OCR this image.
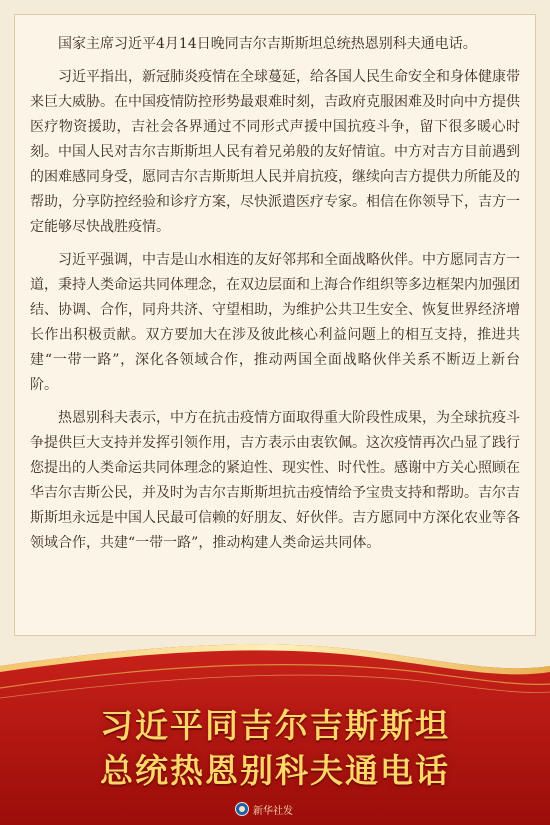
国家主席习近平4月14日晚同吉尔吉斯斯坦总统热恩别科夫通电话。

习近平指出，新冠肺炎疫情在全球蔓延，给各国人民生命安全和身体健康带来巨大威胁。在中国疫情防控形势最艰难时刻，吉政府克服困难及时向中方提供医疗物资援助，吉社会各界通过不同形式声援中国抗疫斗争，留下很多暖心时刻。中国人民对吉尔吉斯斯坦人民有着兄弟般的友好情谊。中方对吉方目前遇到的困难感同身受，愿同吉尔吉斯斯坦人民并肩抗疫，继续向吉方提供力所能及的帮助，分享防控经验和诊疗方案，尽快派遣医疗专家。相信在你领导下，吉方一定能够尽快战胜疫情。

习近平强调，中吉是山水相连的友好邻邦和全面战略伙伴。中方愿同吉方一道，秉持人类命运共同体理念，在双边层面和上海合作组织等多边框架内加强团结、协调、合作，同舟共济、守望相助，为维护公共卫生安全、恢复世界经济增长作出积极贡献。双方要加大在涉及彼此核心利益问题上的相互支持，推进共建“一带一路”，深化各领域合作，推动两国全面战略伙伴关系不断迈上新台阶。

热恩别科夫表示，中方在抗击疫情方面取得重大阶段性成果，为全球抗疫斗争提供巨大支持并发挥引领作用，吉方表示由衷钦佩。这次疫情再次凸显了践行您提出的人类命运共同体理念的紧迫性、现实性、时代性。感谢中方关心照顾在华吉尔吉斯公民，并及时为吉尔吉斯斯坦抗击疫情给予宝贵支持和帮助。吉尔吉斯斯坦永远是中国人民最可信赖的好朋友、好伙伴。吉方愿同中方深化农业等各领域合作，共建“一带一路”，推动构建人类命运共同体。

习近平同吉尔吉斯斯坦
总统热恩别科夫通电话
新华社发
